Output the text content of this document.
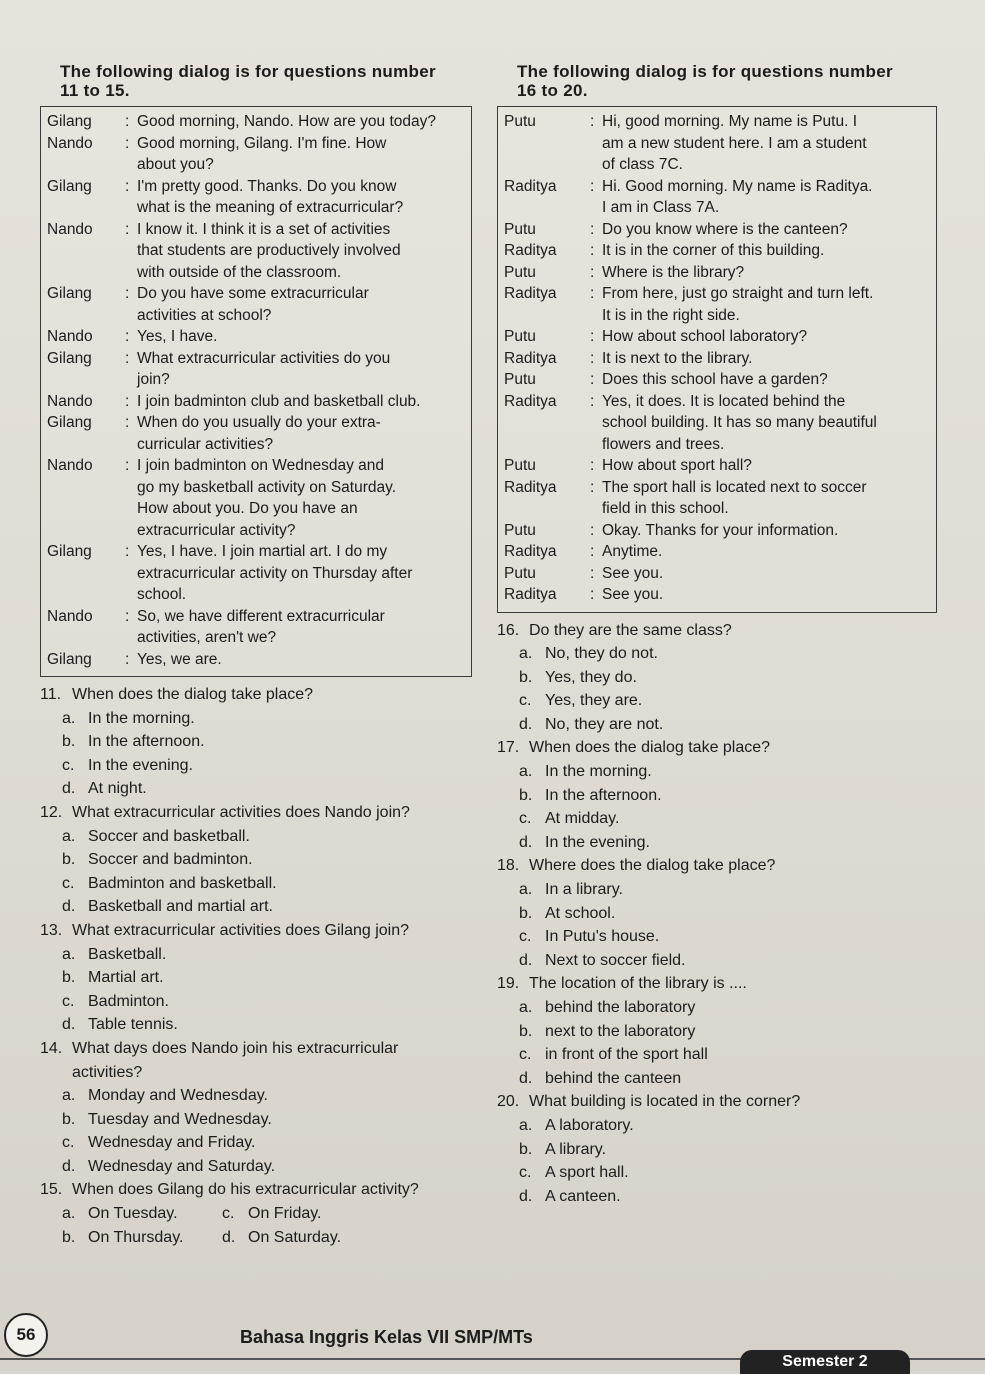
The following dialog is for questions number
11 to 15.
Gilang	: Good morning, Nando. How are you today?
Nando	: Good morning, Gilang. I'm fine. How
about you?
Gilang	: I'm pretty good. Thanks. Do you know
what is the meaning of extracurricular?
Nando	: I know it. I think it is a set of activities
that students are productively involved
with outside of the classroom.
Gilang	: Do you have some extracurricular
activities at school?
Nando	: Yes, I have.
Gilang	: What extracurricular activities do you
join?
Nando	: I join badminton club and basketball club.
Gilang	: When do you usually do your extra-
curricular activities?
Nando	: I join badminton on Wednesday and
go my basketball activity on Saturday.
How about you. Do you have an
extracurricular activity?
Gilang	: Yes, I have. I join martial art. I do my
extracurricular activity on Thursday after
school.
Nando	: So, we have different extracurricular
activities, aren't we?
Gilang	: Yes, we are.
11. When does the dialog take place?
a. In the morning.
b. In the afternoon.
c. In the evening.
d. At night.
12. What extracurricular activities does Nando join?
a. Soccer and basketball.
b. Soccer and badminton.
c. Badminton and basketball.
d. Basketball and martial art.
13. What extracurricular activities does Gilang join?
a. Basketball.
b. Martial art.
c. Badminton.
d. Table tennis.
14. What days does Nando join his extracurricular
activities?
a. Monday and Wednesday.
b. Tuesday and Wednesday.
c. Wednesday and Friday.
d. Wednesday and Saturday.
15. When does Gilang do his extracurricular activity?
a. On Tuesday.	c. On Friday.
b. On Thursday.	d. On Saturday.
The following dialog is for questions number
16 to 20.
Putu	: Hi, good morning. My name is Putu. I
am a new student here. I am a student
of class 7C.
Raditya	: Hi. Good morning. My name is Raditya.
I am in Class 7A.
Putu	: Do you know where is the canteen?
Raditya	: It is in the corner of this building.
Putu	: Where is the library?
Raditya	: From here, just go straight and turn left.
It is in the right side.
Putu	: How about school laboratory?
Raditya	: It is next to the library.
Putu	: Does this school have a garden?
Raditya	: Yes, it does. It is located behind the
school building. It has so many beautiful
flowers and trees.
Putu	: How about sport hall?
Raditya	: The sport hall is located next to soccer
field in this school.
Putu	: Okay. Thanks for your information.
Raditya	: Anytime.
Putu	: See you.
Raditya	: See you.
16. Do they are the same class?
a. No, they do not.
b. Yes, they do.
c. Yes, they are.
d. No, they are not.
17. When does the dialog take place?
a. In the morning.
b. In the afternoon.
c. At midday.
d. In the evening.
18. Where does the dialog take place?
a. In a library.
b. At school.
c. In Putu's house.
d. Next to soccer field.
19. The location of the library is ....
a. behind the laboratory
b. next to the laboratory
c. in front of the sport hall
d. behind the canteen
20. What building is located in the corner?
a. A laboratory.
b. A library.
c. A sport hall.
d. A canteen.
56	Bahasa Inggris Kelas VII SMP/MTs
Semester 2
